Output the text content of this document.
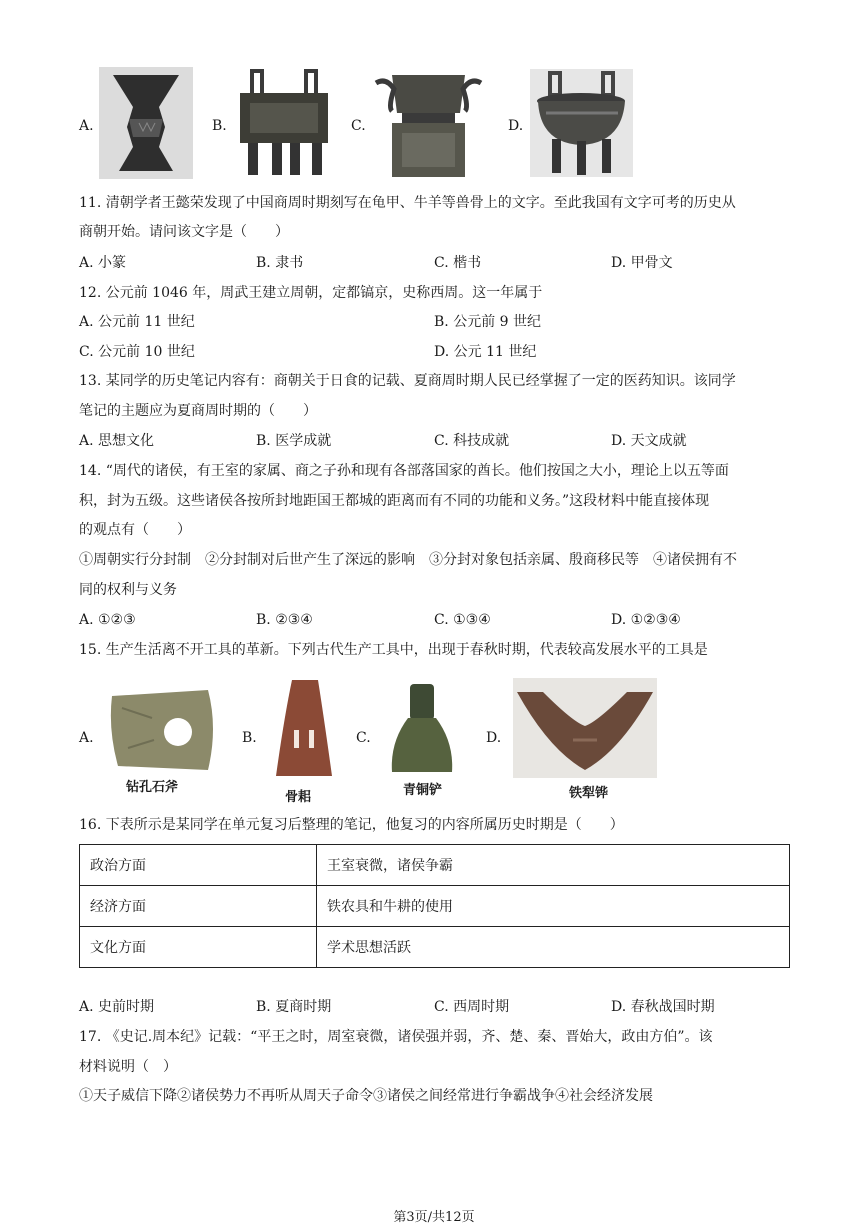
A.	B.	C.	D.
11. 清朝学者王懿荣发现了中国商周时期刻写在龟甲、牛羊等兽骨上的文字。至此我国有文字可考的历史从
商朝开始。请问该文字是（　　）
A. 小篆	B. 隶书	C. 楷书	D. 甲骨文
12. 公元前 1046 年，周武王建立周朝，定都镐京，史称西周。这一年属于
A. 公元前 11 世纪	B. 公元前 9 世纪
C. 公元前 10 世纪	D. 公元 11 世纪
13. 某同学的历史笔记内容有：商朝关于日食的记载、夏商周时期人民已经掌握了一定的医药知识。该同学
笔记的主题应为夏商周时期的（　　）
A. 思想文化	B. 医学成就	C. 科技成就	D. 天文成就
14. “周代的诸侯，有王室的家属、商之子孙和现有各部落国家的酋长。他们按国之大小，理论上以五等面
积，封为五级。这些诸侯各按所封地距国王都城的距离而有不同的功能和义务。”这段材料中能直接体现
的观点有（　　）
①周朝实行分封制　②分封制对后世产生了深远的影响　③分封对象包括亲属、殷商移民等　④诸侯拥有不
同的权利与义务
A. ①②③	B. ②③④	C. ①③④	D. ①②③④
15. 生产生活离不开工具的革新。下列古代生产工具中，出现于春秋时期，代表较高发展水平的工具是
A.
钻孔石斧
B.
骨耜
C.
青铜铲
D.
铁犁铧
16. 下表所示是某同学在单元复习后整理的笔记，他复习的内容所属历史时期是（　　）
政治方面	王室衰微，诸侯争霸
经济方面	铁农具和牛耕的使用
文化方面	学术思想活跃
A. 史前时期	B. 夏商时期	C. 西周时期	D. 春秋战国时期
17. 《史记.周本纪》记载：“平王之时，周室衰微，诸侯强并弱，齐、楚、秦、晋始大，政由方伯”。该
材料说明（　）
①天子威信下降②诸侯势力不再听从周天子命令③诸侯之间经常进行争霸战争④社会经济发展
第3页/共12页
